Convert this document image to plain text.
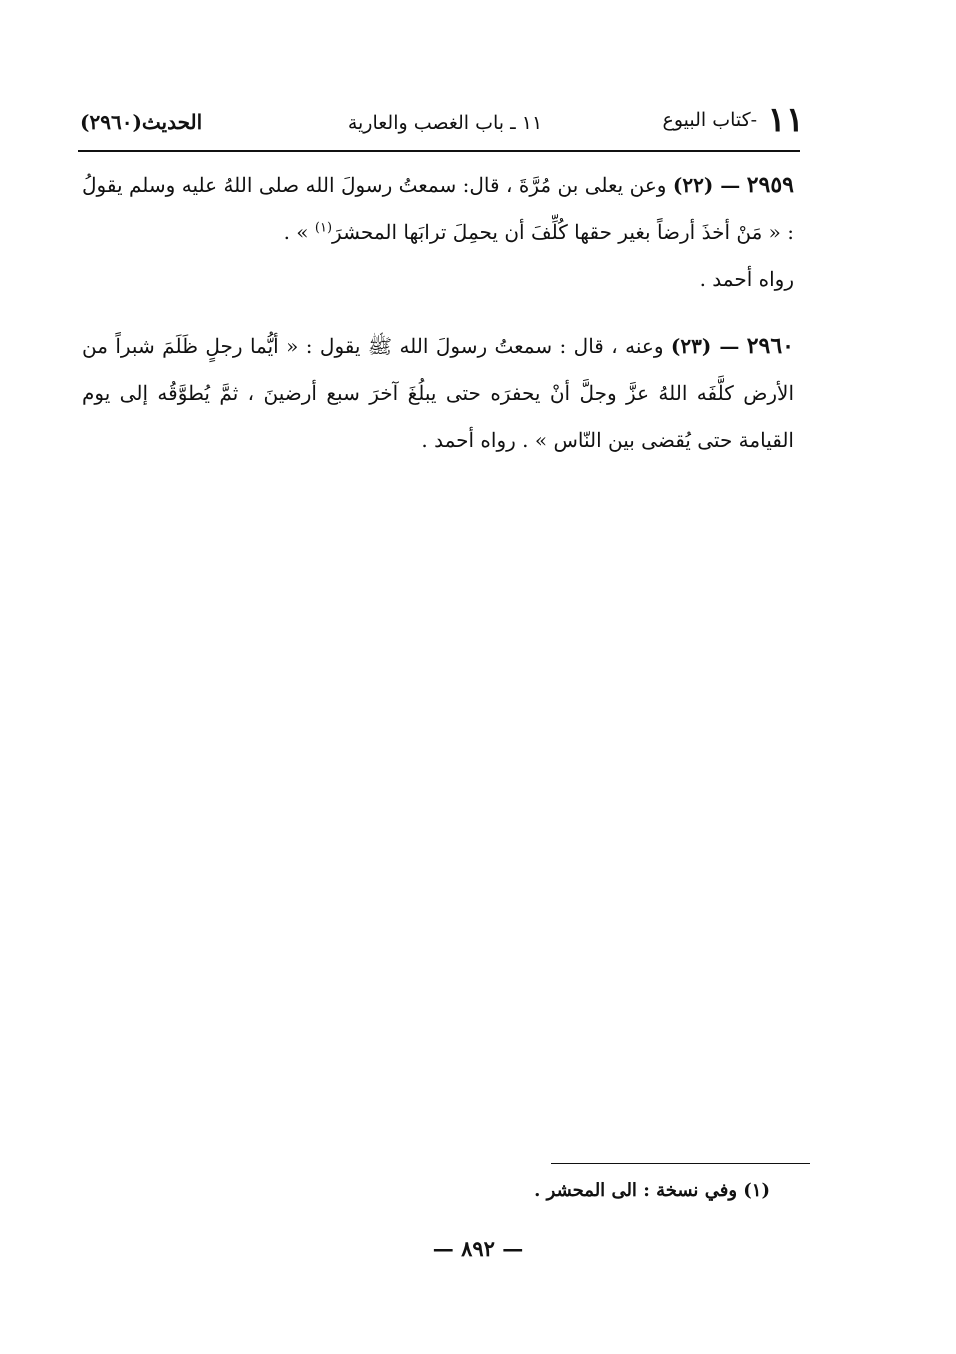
١١ -كتاب البيوع
١١ ـ باب الغصب والعارية
الحديث(٢٩٦٠)

٢٩٥٩ — (٢٢) وعن يعلى بن مُرَّةَ ، قال: سمعتُ رسولَ الله صلى اللهُ عليه وسلم يقولُ : « مَنْ أخذَ أرضاً بغير حقها كُلِّفَ أن يحمِلَ ترابَها المحشرَ$^{(١)}$ » .
رواه أحمد .

٢٩٦٠ — (٢٣) وعنه ، قال : سمعتُ رسولَ الله ﷺ يقول : « أيُّما رجلٍ ظَلَمَ شبراً من الأرض كلَّفَه اللهُ عزَّ وجلَّ أنْ يحفرَه حتى يبلُغَ آخرَ سبع أرضينَ ، ثمَّ يُطوَّقُه إلى يوم القيامة حتى يُقضى بين النّاس » . رواه أحمد .

(١) وفي نسخة : الى المحشر .
— ٨٩٢ —
